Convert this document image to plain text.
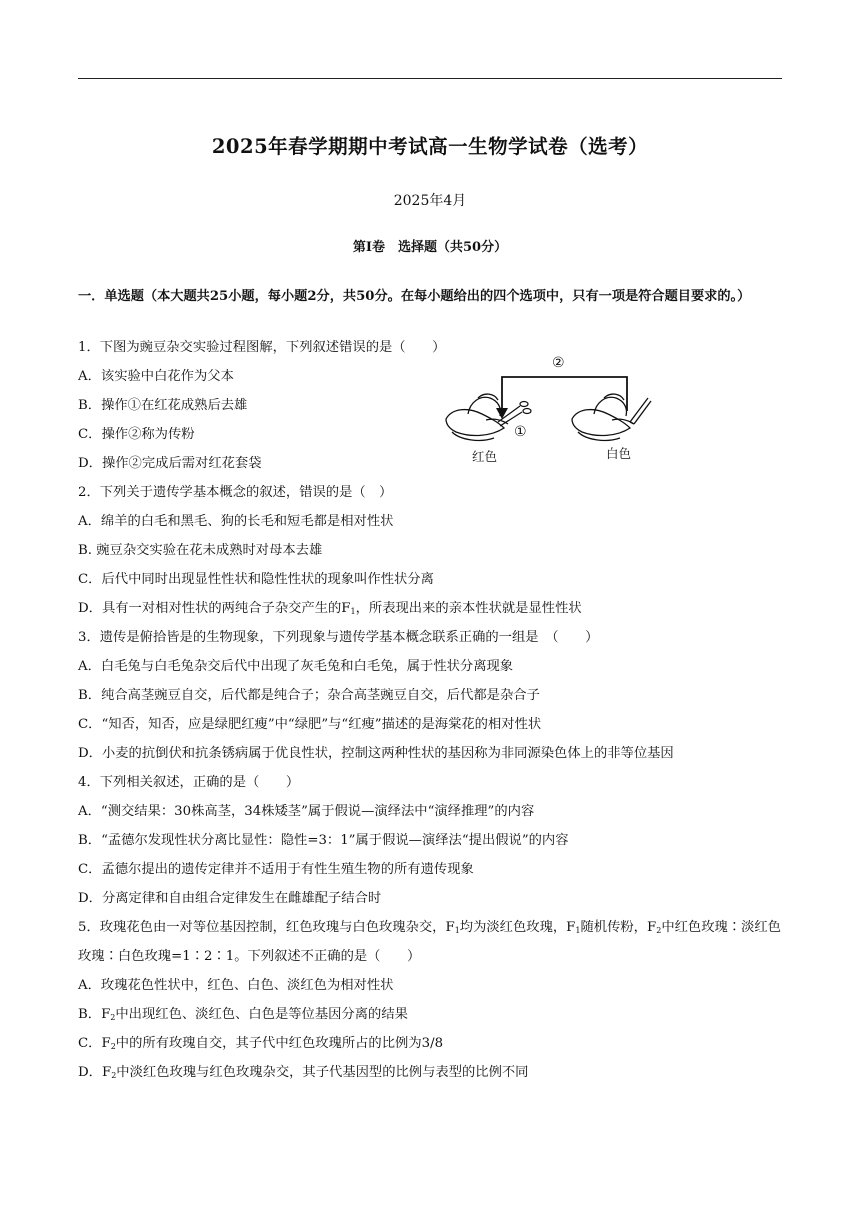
2025年春学期期中考试高一生物学试卷（选考）
2025年4月
第Ⅰ卷　选择题（共50分）
一．单选题（本大题共25小题，每小题2分，共50分。在每小题给出的四个选项中，只有一项是符合题目要求的。）
1．下图为豌豆杂交实验过程图解，下列叙述错误的是（　　）
A．该实验中白花作为父本
B．操作①在红花成熟后去雄
C．操作②称为传粉
D．操作②完成后需对红花套袋
②
①
红色	白色
2．下列关于遗传学基本概念的叙述，错误的是（　）
A．绵羊的白毛和黑毛、狗的长毛和短毛都是相对性状
B. 豌豆杂交实验在花未成熟时对母本去雄
C．后代中同时出现显性性状和隐性性状的现象叫作性状分离
D．具有一对相对性状的两纯合子杂交产生的$F_1$，所表现出来的亲本性状就是显性性状
3．遗传是俯拾皆是的生物现象，下列现象与遗传学基本概念联系正确的一组是　（　　）
A．白毛兔与白毛兔杂交后代中出现了灰毛兔和白毛兔，属于性状分离现象
B．纯合高茎豌豆自交，后代都是纯合子；杂合高茎豌豆自交，后代都是杂合子
C．“知否，知否，应是绿肥红瘦”中“绿肥”与“红瘦”描述的是海棠花的相对性状
D．小麦的抗倒伏和抗条锈病属于优良性状，控制这两种性状的基因称为非同源染色体上的非等位基因
4．下列相关叙述，正确的是（　　）
A．“测交结果：30株高茎，34株矮茎”属于假说—演绎法中“演绎推理”的内容
B．“孟德尔发现性状分离比显性：隐性=3：1”属于假说—演绎法“提出假说”的内容
C．孟德尔提出的遗传定律并不适用于有性生殖生物的所有遗传现象
D．分离定律和自由组合定律发生在雌雄配子结合时
5．玫瑰花色由一对等位基因控制，红色玫瑰与白色玫瑰杂交，$F_1$均为淡红色玫瑰，$F_1$随机传粉，$F_2$中红色玫瑰∶淡红色玫瑰∶白色玫瑰=1∶2∶1。下列叙述不正确的是（　　）
A．玫瑰花色性状中，红色、白色、淡红色为相对性状
B．$F_2$中出现红色、淡红色、白色是等位基因分离的结果
C．$F_2$中的所有玫瑰自交，其子代中红色玫瑰所占的比例为3/8
D．$F_2$中淡红色玫瑰与红色玫瑰杂交，其子代基因型的比例与表型的比例不同
